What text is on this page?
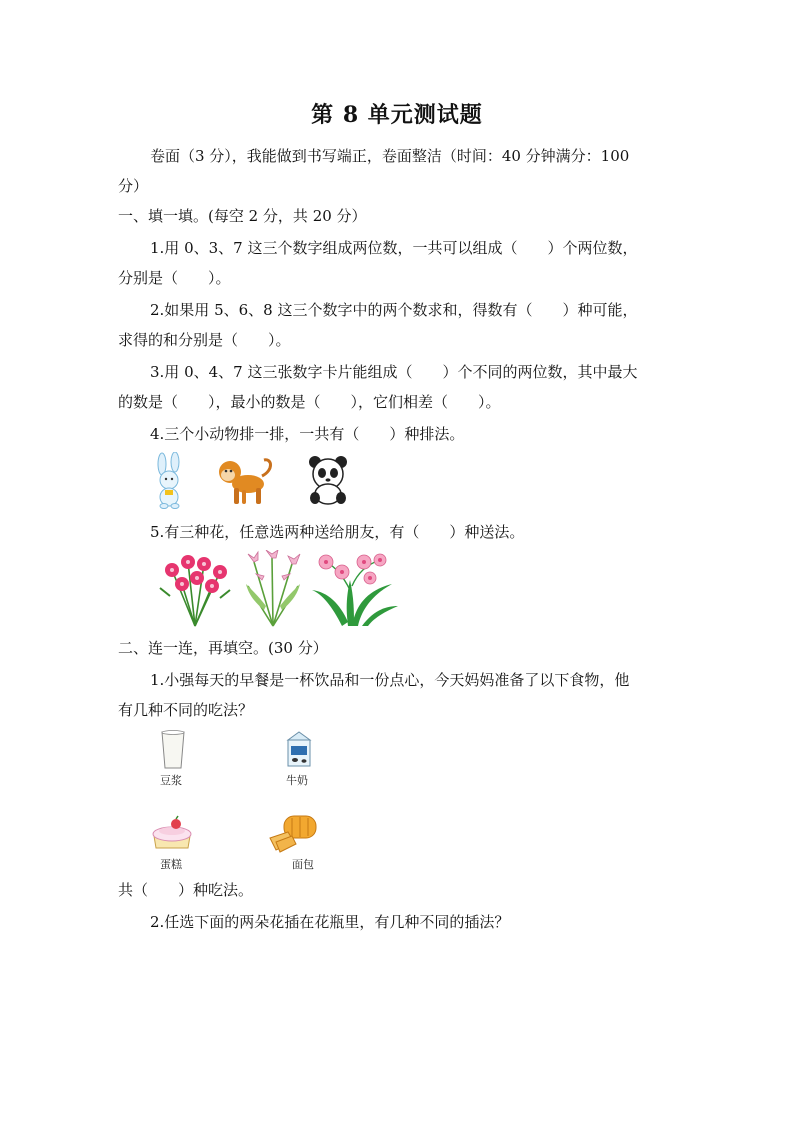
第 8 单元测试题
卷面（3 分），我能做到书写端正，卷面整洁（时间：40 分钟满分：100
分）
一、填一填。(每空 2 分，共 20 分）
1.用 0、3、7 这三个数字组成两位数，一共可以组成（　　）个两位数，
分别是（　　）。
2.如果用 5、6、8 这三个数字中的两个数求和，得数有（　　）种可能，
求得的和分别是（　　）。
3.用 0、4、7 这三张数字卡片能组成（　　）个不同的两位数，其中最大
的数是（　　），最小的数是（　　），它们相差（　　）。
4.三个小动物排一排，一共有（　　）种排法。
5.有三种花，任意选两种送给朋友，有（　　）种送法。
二、连一连，再填空。(30 分）
1.小强每天的早餐是一杯饮品和一份点心，今天妈妈准备了以下食物，他
有几种不同的吃法？
豆浆	牛奶
蛋糕	面包
共（　　）种吃法。
2.任选下面的两朵花插在花瓶里，有几种不同的插法？
